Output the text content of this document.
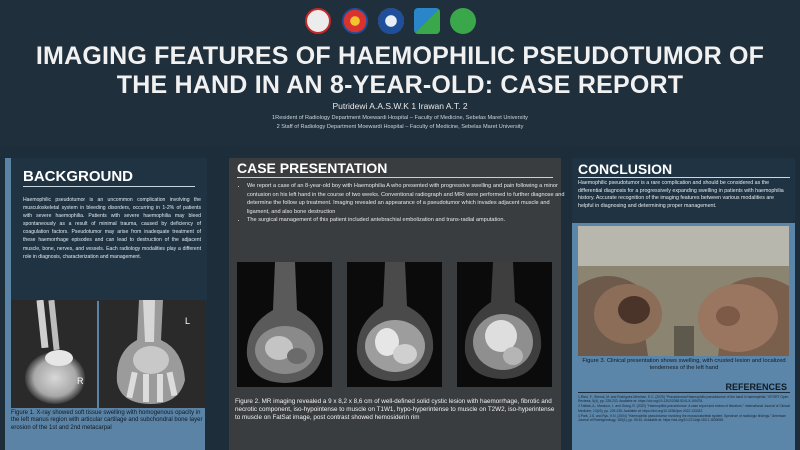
IMAGING FEATURES OF HAEMOPHILIC PSEUDOTUMOR OF THE HAND IN AN 8-YEAR-OLD: CASE REPORT
Putridewi A.A.S.W.K 1 Irawan A.T. 2
1Resident of Radiology Department Moewardi Hospital – Faculty of Medicine, Sebelas Maret University
2 Staff of Radiology Department Moewardi Hospital – Faculty of Medicine, Sebelas Maret University
BACKGROUND
Haemophilic pseudotumor is an uncommon complication involving the musculoskeletal system in bleeding disorders, occurring in 1-2% of patients with severe haemophilia. Patients with severe haemophilia may bleed spontaneously as a result of minimal trauma, caused by deficiency of coagulation factors. Pseudotumor may arise from inadequate treatment of these haemorrhage episodes and can lead to destruction of the adjacent muscle, bone, nerves, and vessels. Each radiology modalities play a different role in diagnosis, characterization and management.
R
L
Figure 1. X-ray showed soft tissue swelling with homogenous opacity in the left manus region with articular cartilage and subchondral bone layer erosion of the 1st and 2nd metacarpal
CASE PRESENTATION
• We report a case of an 8-year-old boy with Haemophilia A who presented with progressive swelling and pain following a minor contusion on his left hand in the course of two weeks. Conventional radiograph and MRI were performed to further diagnose and determine the follow up treatment. Imaging revealed an appearance of a pseudotumor which invades adjacent muscle and ligament, and also bone destruction
• The surgical management of this patient included antebrachial embolization and trans-radial amputation.
Figure 2. MR imaging revealed a 9 x 8,2 x 8,6 cm of well-defined solid cystic lesion with haemorrhage, fibrotic and necrotic component, iso-hypointense to muscle on T1W1, hypo-hyperintense to muscle on T2W2, iso-hyperintense to muscle on FatSat image, post contrast showed hemosiderin rim
CONCLUSION
Haemophilic pseudotumor is a rare complication and should be considered as the differential diagnosis for a progressively expanding swelling in patients with haemophilia history. Accurate recognition of the imaging features between various modalities are helpful in diagnosing and determining proper management.
Figure 3. Clinical presentation shows swelling, with crusted lesion and localized tenderness of the left hand
REFERENCES
1.Rizvi, F., Shenoi, M. and Rodriguez-Merchan, E.C. (2020) "Pseudotumor/Haemophilic pseudotumor of the hand in haemophilia," EFORT Open Reviews, 5(4), pp. 228-233. Available at: https://doi.org/10.1302/2058-5241.5.190078.
2.Fallata, A., Mansoor, L. and Giang, R. (2022) "Haemophilic pseudotumor: A case report and review of literature," International Journal of Clinical Medicine, 13(03), pp. 229-235. Available at: https://doi.org/10.4236/ijcm.2022.133022.
3.Park, J.S. and Ryu, K.N. (2004) "Haemophilic pseudotumor involving the musculoskeletal system: Spectrum of radiologic findings," American Journal of Roentgenology, 183(1), pp. 55-61. Available at: https://doi.org/10.2214/ajr.183.1.1830055.
